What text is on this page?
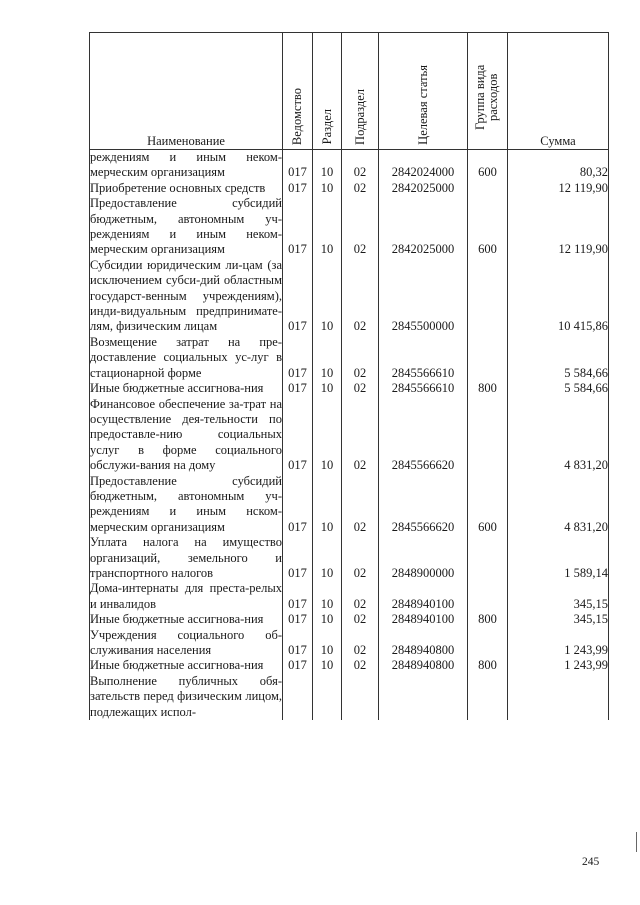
Наименование	Ведомство	Раздел	Подраздел	Целевая статья	Группа вида расходов	Сумма
реждениям и иным неком-мерческим организациям	017	10	02	2842024000	600	80,32
Приобретение основных средств	017	10	02	2842025000		12 119,90
Предоставление субсидий бюджетным, автономным уч-реждениям и иным неком-мерческим организациям	017	10	02	2842025000	600	12 119,90
Субсидии юридическим ли-цам (за исключением субси-дий областным государст-венным учреждениям), инди-видуальным предпринимате-лям, физическим лицам	017	10	02	2845500000		10 415,86
Возмещение затрат на пре-доставление социальных ус-луг в стационарной форме	017	10	02	2845566610		5 584,66
Иные бюджетные ассигнова-ния	017	10	02	2845566610	800	5 584,66
Финансовое обеспечение за-трат на осуществление дея-тельности по предоставле-нию социальных услуг в форме социального обслужи-вания на дому	017	10	02	2845566620		4 831,20
Предоставление субсидий бюджетным, автономным уч-реждениям и иным нском-мерческим организациям	017	10	02	2845566620	600	4 831,20
Уплата налога на имущество организаций, земельного и транспортного налогов	017	10	02	2848900000		1 589,14
Дома-интернаты для преста-релых и инвалидов	017	10	02	2848940100		345,15
Иные бюджетные ассигнова-ния	017	10	02	2848940100	800	345,15
Учреждения социального об-служивания населения	017	10	02	2848940800		1 243,99
Иные бюджетные ассигнова-ния	017	10	02	2848940800	800	1 243,99
Выполнение публичных обя-зательств перед физическим лицом, подлежащих испол-						
245
